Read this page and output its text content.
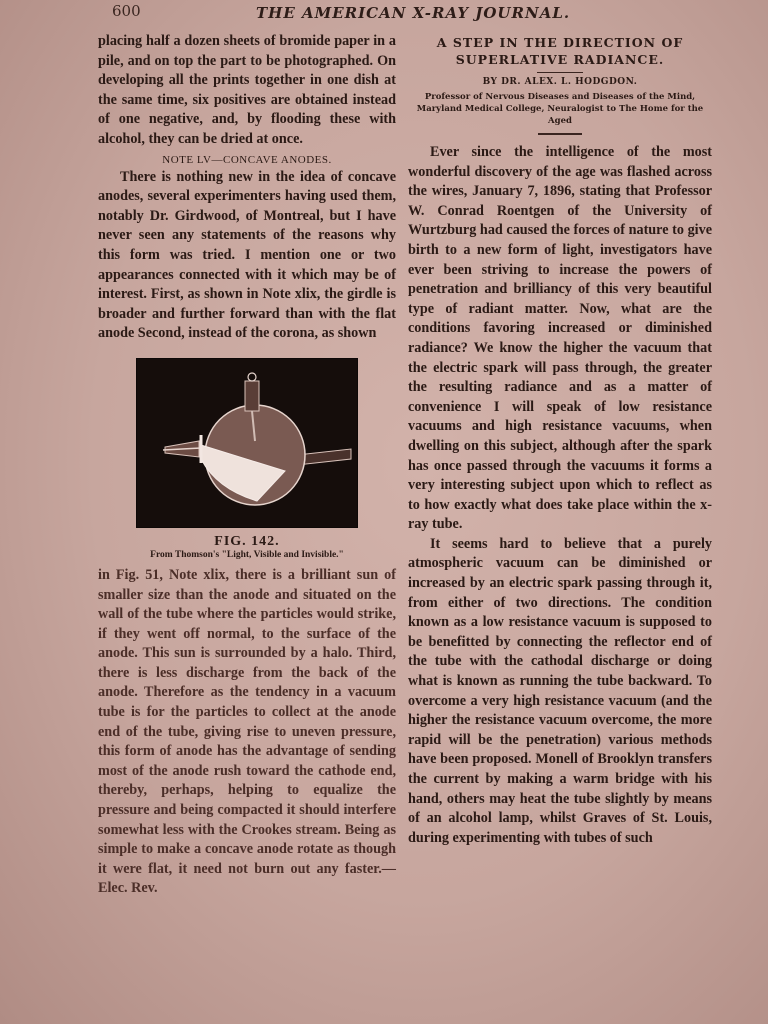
600	THE AMERICAN X-RAY JOURNAL.

placing half a dozen sheets of bromide paper in a pile, and on top the part to be photographed. On developing all the prints together in one dish at the same time, six positives are obtained instead of one negative, and, by flooding these with alcohol, they can be dried at once.

NOTE LV—CONCAVE ANODES.

There is nothing new in the idea of concave anodes, several experimenters having used them, notably Dr. Girdwood, of Montreal, but I have never seen any statements of the reasons why this form was tried. I mention one or two appearances connected with it which may be of interest. First, as shown in Note xlix, the girdle is broader and further forward than with the flat anode Second, instead of the corona, as shown

FIG. 142.

From Thomson's "Light, Visible and Invisible."

in Fig. 51, Note xlix, there is a brilliant sun of smaller size than the anode and situated on the wall of the tube where the particles would strike, if they went off normal, to the surface of the anode. This sun is surrounded by a halo. Third, there is less discharge from the back of the anode. Therefore as the tendency in a vacuum tube is for the particles to collect at the anode end of the tube, giving rise to uneven pressure, this form of anode has the advantage of sending most of the anode rush toward the cathode end, thereby, perhaps, helping to equalize the pressure and being compacted it should interfere somewhat less with the Crookes stream. Being as simple to make a concave anode rotate as though it were flat, it need not burn out any faster.—Elec. Rev.

A STEP IN THE DIRECTION OF SUPERLATIVE RADIANCE.

BY DR. ALEX. L. HODGDON.

Professor of Nervous Diseases and Diseases of the Mind, Maryland Medical College, Neuralogist to The Home for the Aged

Ever since the intelligence of the most wonderful discovery of the age was flashed across the wires, January 7, 1896, stating that Professor W. Conrad Roentgen of the University of Wurtzburg had caused the forces of nature to give birth to a new form of light, investigators have ever been striving to increase the powers of penetration and brilliancy of this very beautiful type of radiant matter. Now, what are the conditions favoring increased or diminished radiance? We know the higher the vacuum that the electric spark will pass through, the greater the resulting radiance and as a matter of convenience I will speak of low resistance vacuums and high resistance vacuums, when dwelling on this subject, although after the spark has once passed through the vacuums it forms a very interesting subject upon which to reflect as to how exactly what does take place within the x-ray tube.

It seems hard to believe that a purely atmospheric vacuum can be diminished or increased by an electric spark passing through it, from either of two directions. The condition known as a low resistance vacuum is supposed to be benefitted by connecting the reflector end of the tube with the cathodal discharge or doing what is known as running the tube backward. To overcome a very high resistance vacuum (and the higher the resistance vacuum overcome, the more rapid will be the penetration) various methods have been proposed. Monell of Brooklyn transfers the current by making a warm bridge with his hand, others may heat the tube slightly by means of an alcohol lamp, whilst Graves of St. Louis, during experimenting with tubes of such
